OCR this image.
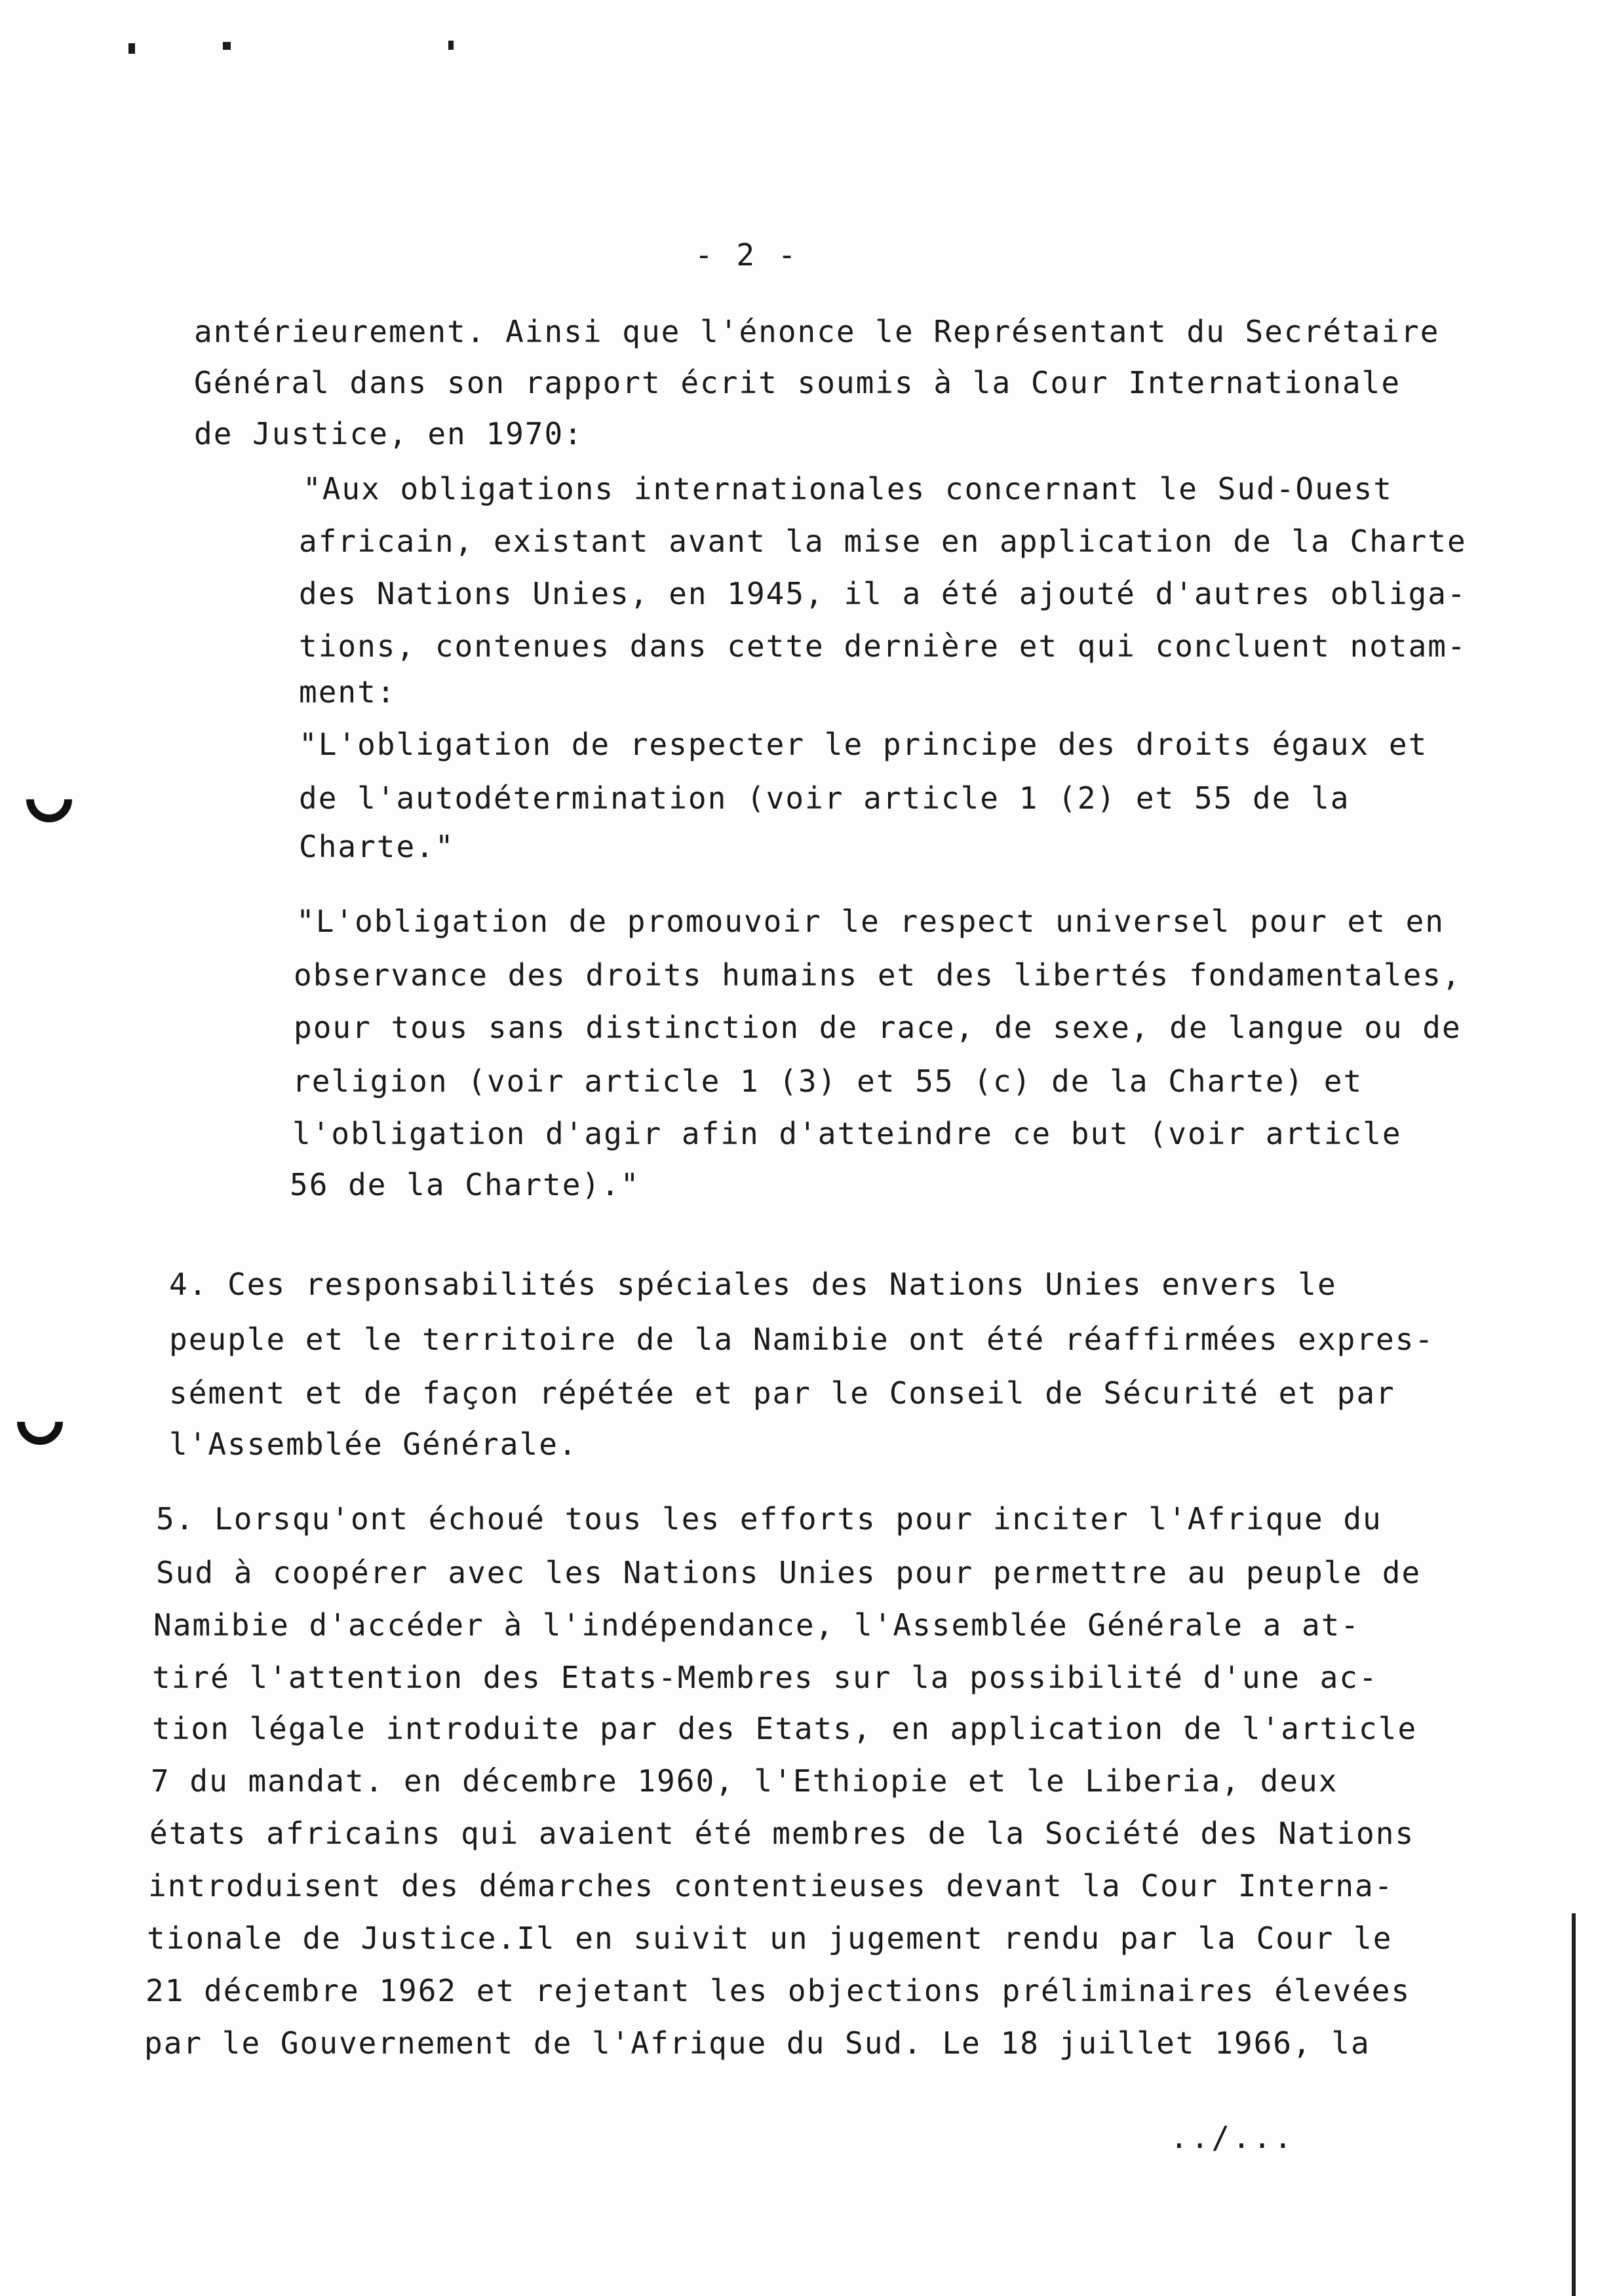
- 2 -
antérieurement. Ainsi que l'énonce le Représentant du Secrétaire
Général dans son rapport écrit soumis à la Cour Internationale
de Justice, en 1970:
"Aux obligations internationales concernant le Sud-Ouest
africain, existant avant la mise en application de la Charte
des Nations Unies, en 1945, il a été ajouté d'autres obliga-
tions, contenues dans cette dernière et qui concluent notam-
ment:
"L'obligation de respecter le principe des droits égaux et
de l'autodétermination (voir article 1 (2) et 55 de la
Charte."
"L'obligation de promouvoir le respect universel pour et en
observance des droits humains et des libertés fondamentales,
pour tous sans distinction de race, de sexe, de langue ou de
religion (voir article 1 (3) et 55 (c) de la Charte) et
l'obligation d'agir afin d'atteindre ce but (voir article
56 de la Charte)."
4. Ces responsabilités spéciales des Nations Unies envers le
peuple et le territoire de la Namibie ont été réaffirmées expres-
sément et de façon répétée et par le Conseil de Sécurité et par
l'Assemblée Générale.
5. Lorsqu'ont échoué tous les efforts pour inciter l'Afrique du
Sud à coopérer avec les Nations Unies pour permettre au peuple de
Namibie d'accéder à l'indépendance, l'Assemblée Générale a at-
tiré l'attention des Etats-Membres sur la possibilité d'une ac-
tion légale introduite par des Etats, en application de l'article
7 du mandat. en décembre 1960, l'Ethiopie et le Liberia, deux
états africains qui avaient été membres de la Société des Nations
introduisent des démarches contentieuses devant la Cour Interna-
tionale de Justice.Il en suivit un jugement rendu par la Cour le
21 décembre 1962 et rejetant les objections préliminaires élevées
par le Gouvernement de l'Afrique du Sud. Le 18 juillet 1966, la
../...
